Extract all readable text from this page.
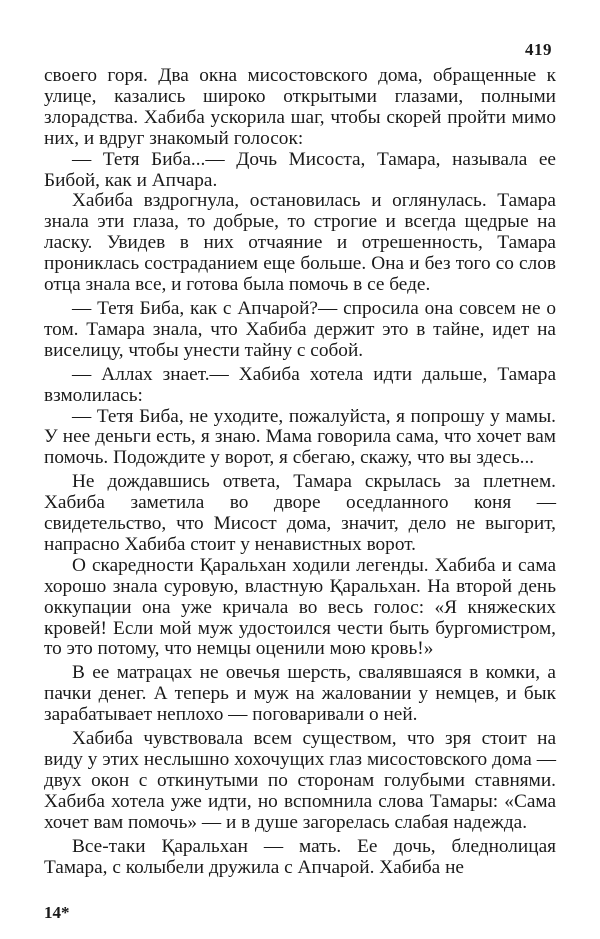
419

своего горя. Два окна мисостовского дома, обращенные к улице, казались широко открытыми глазами, полными злорадства. Хабиба ускорила шаг, чтобы скорей пройти мимо них, и вдруг знакомый голосок:

— Тетя Биба...— Дочь Мисоста, Тамара, называла ее Бибой, как и Апчара.

Хабиба вздрогнула, остановилась и оглянулась. Тамара знала эти глаза, то добрые, то строгие и всегда щедрые на ласку. Увидев в них отчаяние и отрешенность, Тамара прониклась состраданием еще больше. Она и без того со слов отца знала все, и готова была помочь в се беде.

— Тетя Биба, как с Апчарой?— спросила она совсем не о том. Тамара знала, что Хабиба держит это в тайне, идет на виселицу, чтобы унести тайну с собой.

— Аллах знает.— Хабиба хотела идти дальше, Тамара взмолилась:

— Тетя Биба, не уходите, пожалуйста, я попрошу у мамы. У нее деньги есть, я знаю. Мама говорила сама, что хочет вам помочь. Подождите у ворот, я сбегаю, скажу, что вы здесь...

Не дождавшись ответа, Тамара скрылась за плетнем. Хабиба заметила во дворе оседланного коня — свидетельство, что Мисост дома, значит, дело не выгорит, напрасно Хабиба стоит у ненавистных ворот.

О скаредности Қаральхан ходили легенды. Хабиба и сама хорошо знала суровую, властную Қаральхан. На второй день оккупации она уже кричала во весь голос: «Я княжеских кровей! Если мой муж удостоился чести быть бургомистром, то это потому, что немцы оценили мою кровь!»

В ее матрацах не овечья шерсть, свалявшаяся в комки, а пачки денег. А теперь и муж на жаловании у немцев, и бык зарабатывает неплохо — поговаривали о ней.

Хабиба чувствовала всем существом, что зря стоит на виду у этих неслышно хохочущих глаз мисостовского дома — двух окон с откинутыми по сторонам голубыми ставнями. Хабиба хотела уже идти, но вспомнила слова Тамары: «Сама хочет вам помочь» — и в душе загорелась слабая надежда.

Все-таки Қаральхан — мать. Ее дочь, бледнолицая Тамара, с колыбели дружила с Апчарой. Хабиба не

14*
